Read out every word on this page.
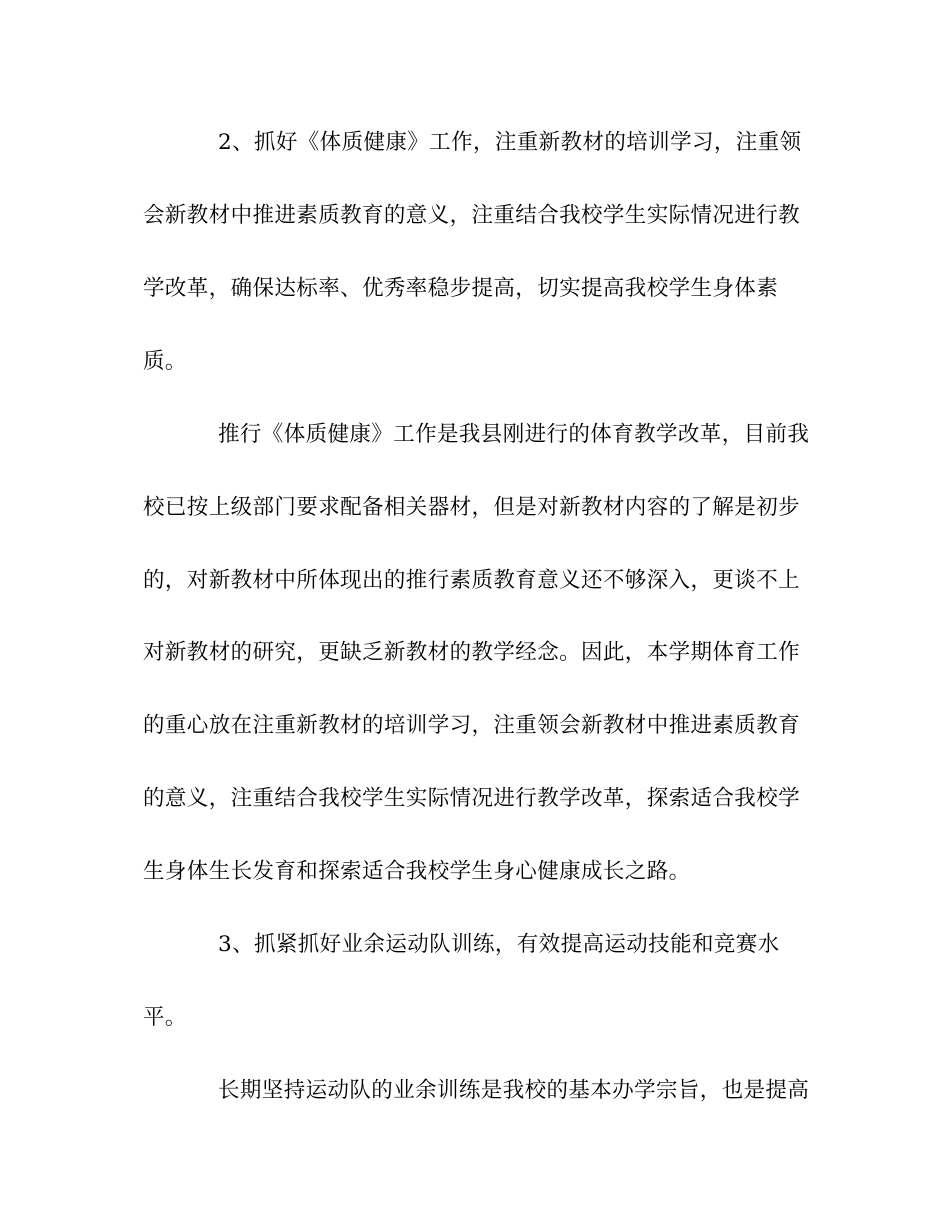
2、抓好《体质健康》工作，注重新教材的培训学习，注重领
会新教材中推进素质教育的意义，注重结合我校学生实际情况进行教
学改革，确保达标率、优秀率稳步提高，切实提高我校学生身体素
质。
推行《体质健康》工作是我县刚进行的体育教学改革，目前我
校已按上级部门要求配备相关器材，但是对新教材内容的了解是初步
的，对新教材中所体现出的推行素质教育意义还不够深入，更谈不上
对新教材的研究，更缺乏新教材的教学经念。因此，本学期体育工作
的重心放在注重新教材的培训学习，注重领会新教材中推进素质教育
的意义，注重结合我校学生实际情况进行教学改革，探索适合我校学
生身体生长发育和探索适合我校学生身心健康成长之路。
3、抓紧抓好业余运动队训练，有效提高运动技能和竞赛水
平。
长期坚持运动队的业余训练是我校的基本办学宗旨，也是提高
